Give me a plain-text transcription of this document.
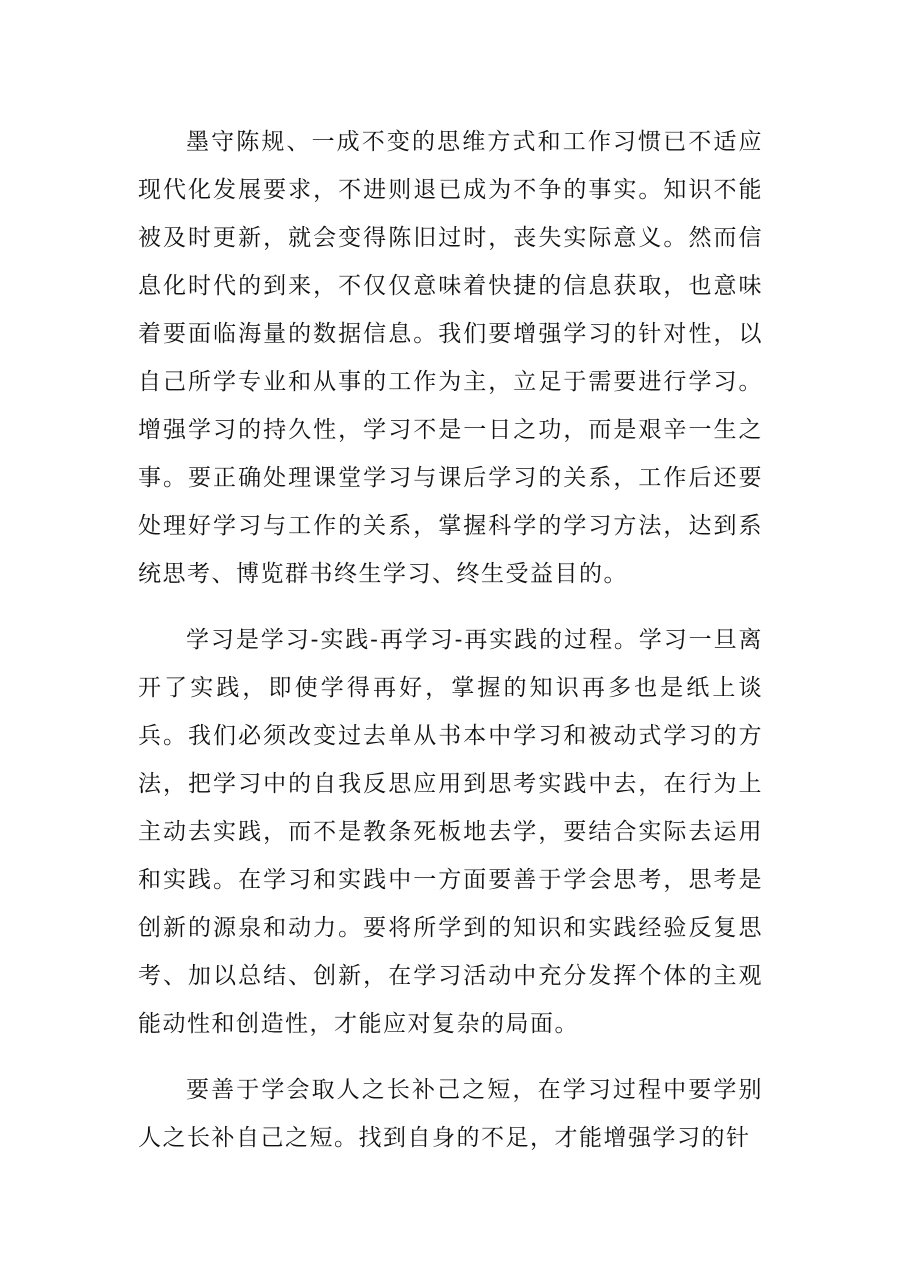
墨守陈规、一成不变的思维方式和工作习惯已不适应现代化发展要求，不进则退已成为不争的事实。知识不能被及时更新，就会变得陈旧过时，丧失实际意义。然而信息化时代的到来，不仅仅意味着快捷的信息获取，也意味着要面临海量的数据信息。我们要增强学习的针对性，以自己所学专业和从事的工作为主，立足于需要进行学习。增强学习的持久性，学习不是一日之功，而是艰辛一生之事。要正确处理课堂学习与课后学习的关系，工作后还要处理好学习与工作的关系，掌握科学的学习方法，达到系统思考、博览群书终生学习、终生受益目的。

学习是学习-实践-再学习-再实践的过程。学习一旦离开了实践，即使学得再好，掌握的知识再多也是纸上谈兵。我们必须改变过去单从书本中学习和被动式学习的方法，把学习中的自我反思应用到思考实践中去，在行为上主动去实践，而不是教条死板地去学，要结合实际去运用和实践。在学习和实践中一方面要善于学会思考，思考是创新的源泉和动力。要将所学到的知识和实践经验反复思考、加以总结、创新，在学习活动中充分发挥个体的主观能动性和创造性，才能应对复杂的局面。

要善于学会取人之长补己之短，在学习过程中要学别人之长补自己之短。找到自身的不足，才能增强学习的针
